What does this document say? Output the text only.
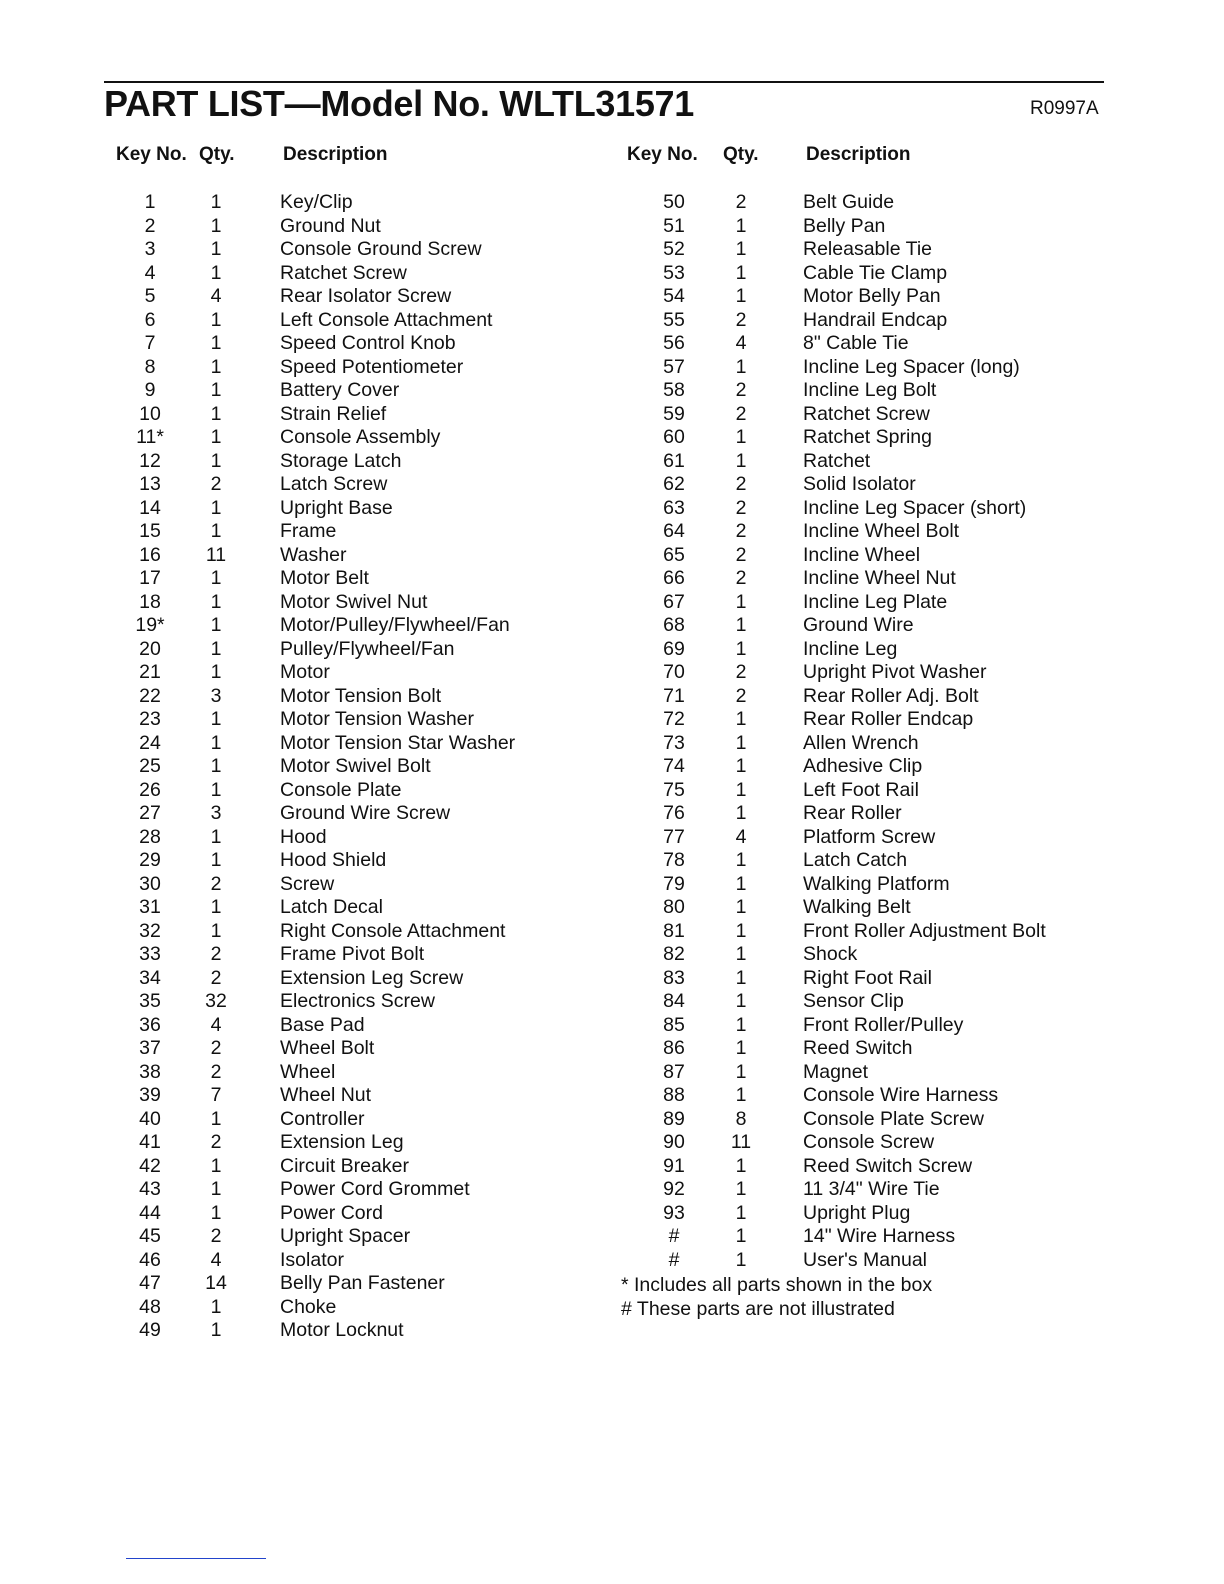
PART LIST—Model No. WLTL31571	R0997A
Key No. Qty.	Description	Key No. Qty. Description
1	1	Key/Clip
2	1	Ground Nut
3	1	Console Ground Screw
4	1	Ratchet Screw
5	4	Rear Isolator Screw
6	1	Left Console Attachment
7	1	Speed Control Knob
8	1	Speed Potentiometer
9	1	Battery Cover
10	1	Strain Relief
11*	1	Console Assembly
12	1	Storage Latch
13	2	Latch Screw
14	1	Upright Base
15	1	Frame
16	11	Washer
17	1	Motor Belt
18	1	Motor Swivel Nut
19*	1	Motor/Pulley/Flywheel/Fan
20	1	Pulley/Flywheel/Fan
21	1	Motor
22	3	Motor Tension Bolt
23	1	Motor Tension Washer
24	1	Motor Tension Star Washer
25	1	Motor Swivel Bolt
26	1	Console Plate
27	3	Ground Wire Screw
28	1	Hood
29	1	Hood Shield
30	2	Screw
31	1	Latch Decal
32	1	Right Console Attachment
33	2	Frame Pivot Bolt
34	2	Extension Leg Screw
35	32	Electronics Screw
36	4	Base Pad
37	2	Wheel Bolt
38	2	Wheel
39	7	Wheel Nut
40	1	Controller
41	2	Extension Leg
42	1	Circuit Breaker
43	1	Power Cord Grommet
44	1	Power Cord
45	2	Upright Spacer
46	4	Isolator
47	14	Belly Pan Fastener
48	1	Choke
49	1	Motor Locknut
50	2	Belt Guide
51	1	Belly Pan
52	1	Releasable Tie
53	1	Cable Tie Clamp
54	1	Motor Belly Pan
55	2	Handrail Endcap
56	4	8" Cable Tie
57	1	Incline Leg Spacer (long)
58	2	Incline Leg Bolt
59	2	Ratchet Screw
60	1	Ratchet Spring
61	1	Ratchet
62	2	Solid Isolator
63	2	Incline Leg Spacer (short)
64	2	Incline Wheel Bolt
65	2	Incline Wheel
66	2	Incline Wheel Nut
67	1	Incline Leg Plate
68	1	Ground Wire
69	1	Incline Leg
70	2	Upright Pivot Washer
71	2	Rear Roller Adj. Bolt
72	1	Rear Roller Endcap
73	1	Allen Wrench
74	1	Adhesive Clip
75	1	Left Foot Rail
76	1	Rear Roller
77	4	Platform Screw
78	1	Latch Catch
79	1	Walking Platform
80	1	Walking Belt
81	1	Front Roller Adjustment Bolt
82	1	Shock
83	1	Right Foot Rail
84	1	Sensor Clip
85	1	Front Roller/Pulley
86	1	Reed Switch
87	1	Magnet
88	1	Console Wire Harness
89	8	Console Plate Screw
90	11	Console Screw
91	1	Reed Switch Screw
92	1	11 3/4" Wire Tie
93	1	Upright Plug
#	1	14" Wire Harness
#	1	User's Manual
* Includes all parts shown in the box
# These parts are not illustrated
